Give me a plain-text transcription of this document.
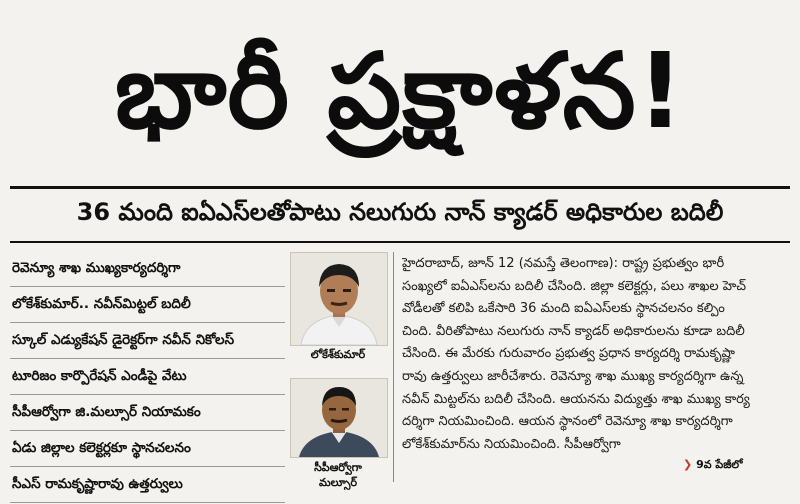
భారీ ప్రక్షాళన!
36 మంది ఐఏఎస్‌లతోపాటు నలుగురు నాన్ క్యాడర్ అధికారుల బదిలీ
రెవెన్యూ శాఖ ముఖ్యకార్యదర్శిగా
లోకేశ్‌కుమార్.. నవీన్‌మిట్టల్ బదిలీ
స్కూల్ ఎడ్యుకేషన్ డైరెక్టర్‌గా నవీన్ నికోలస్
టూరిజం కార్పొరేషన్ ఎండీపై వేటు
సీపీఆర్వోగా జి.మల్సూర్ నియామకం
ఏడు జిల్లాల కలెక్టర్లకూ స్థానచలనం
సీఎస్ రామకృష్ణారావు ఉత్తర్వులు
లోకేశ్‌కుమార్
సీపీఆర్వోగా
మల్సూర్
హైదరాబాద్, జూన్ 12 (నమస్తే తెలంగాణ): రాష్ట్ర ప్రభుత్వం భారీ
సంఖ్యలో ఐఏఎస్‌లను బదిలీ చేసింది. జిల్లా కలెక్టర్లు, పలు శాఖల హెచ్
వోడీలతో కలిపి ఒకేసారి 36 మంది ఐఏఎస్‌లకు స్థానచలనం కల్పిం
చింది. వీరితోపాటు నలుగురు నాన్ క్యాడర్ అధికారులను కూడా బదిలీ
చేసింది. ఈ మేరకు గురువారం ప్రభుత్వ ప్రధాన కార్యదర్శి రామకృష్ణా
రావు ఉత్తర్వులు జారీచేశారు. రెవెన్యూ శాఖ ముఖ్య కార్యదర్శిగా ఉన్న
నవీన్ మిట్టల్‌ను బదిలీ చేసింది. ఆయనను విద్యుత్తు శాఖ ముఖ్య కార్య
దర్శిగా నియమించింది. ఆయన స్థానంలో రెవెన్యూ శాఖ కార్యదర్శిగా
లోకేశ్‌కుమార్‌ను నియమించింది. సీపీఆర్వోగా
❯ 9వ పేజీలో
